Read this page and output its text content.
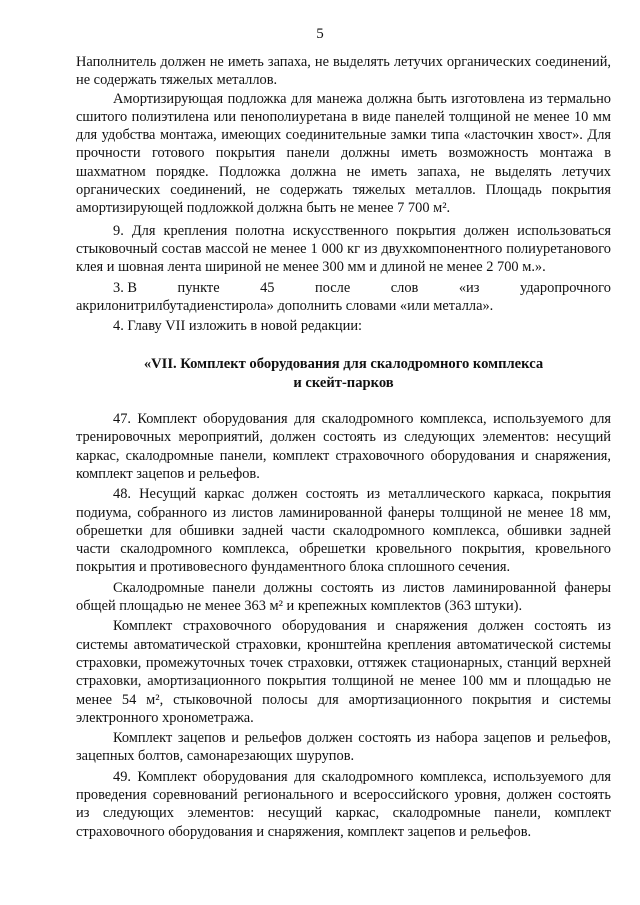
5

Наполнитель должен не иметь запаха, не выделять летучих органических соединений, не содержать тяжелых металлов.

Амортизирующая подложка для манежа должна быть изготовлена из термально сшитого полиэтилена или пенополиуретана в виде панелей толщиной не менее 10 мм для удобства монтажа, имеющих соединительные замки типа «ласточкин хвост». Для прочности готового покрытия панели должны иметь возможность монтажа в шахматном порядке. Подложка должна не иметь запаха, не выделять летучих органических соединений, не содержать тяжелых металлов. Площадь покрытия амортизирующей подложкой должна быть не менее 7 700 м².

9. Для крепления полотна искусственного покрытия должен использоваться стыковочный состав массой не менее 1 000 кг из двухкомпонентного полиуретанового клея и шовная лента шириной не менее 300 мм и длиной не менее 2 700 м.».

3. В	пункте	45	после	слов	«из	ударопрочного

акрилонитрилбутадиенстирола» дополнить словами «или металла».

4. Главу VII изложить в новой редакции:

«VII. Комплект оборудования для скалодромного комплекса
и скейт-парков

47. Комплект оборудования для скалодромного комплекса, используемого для тренировочных мероприятий, должен состоять из следующих элементов: несущий каркас, скалодромные панели, комплект страховочного оборудования и снаряжения, комплект зацепов и рельефов.

48. Несущий каркас должен состоять из металлического каркаса, покрытия подиума, собранного из листов ламинированной фанеры толщиной не менее 18 мм, обрешетки для обшивки задней части скалодромного комплекса, обшивки задней части скалодромного комплекса, обрешетки кровельного покрытия, кровельного покрытия и противовесного фундаментного блока сплошного сечения.

Скалодромные панели должны состоять из листов ламинированной фанеры общей площадью не менее 363 м² и крепежных комплектов (363 штуки).

Комплект страховочного оборудования и снаряжения должен состоять из системы автоматической страховки, кронштейна крепления автоматической системы страховки, промежуточных точек страховки, оттяжек стационарных, станций верхней страховки, амортизационного покрытия толщиной не менее 100 мм и площадью не менее 54 м², стыковочной полосы для амортизационного покрытия и системы электронного хронометража.

Комплект зацепов и рельефов должен состоять из набора зацепов и рельефов, зацепных болтов, самонарезающих шурупов.

49. Комплект оборудования для скалодромного комплекса, используемого для проведения соревнований регионального и всероссийского уровня, должен состоять из следующих элементов: несущий каркас, скалодромные панели, комплект страховочного оборудования и снаряжения, комплект зацепов и рельефов.
